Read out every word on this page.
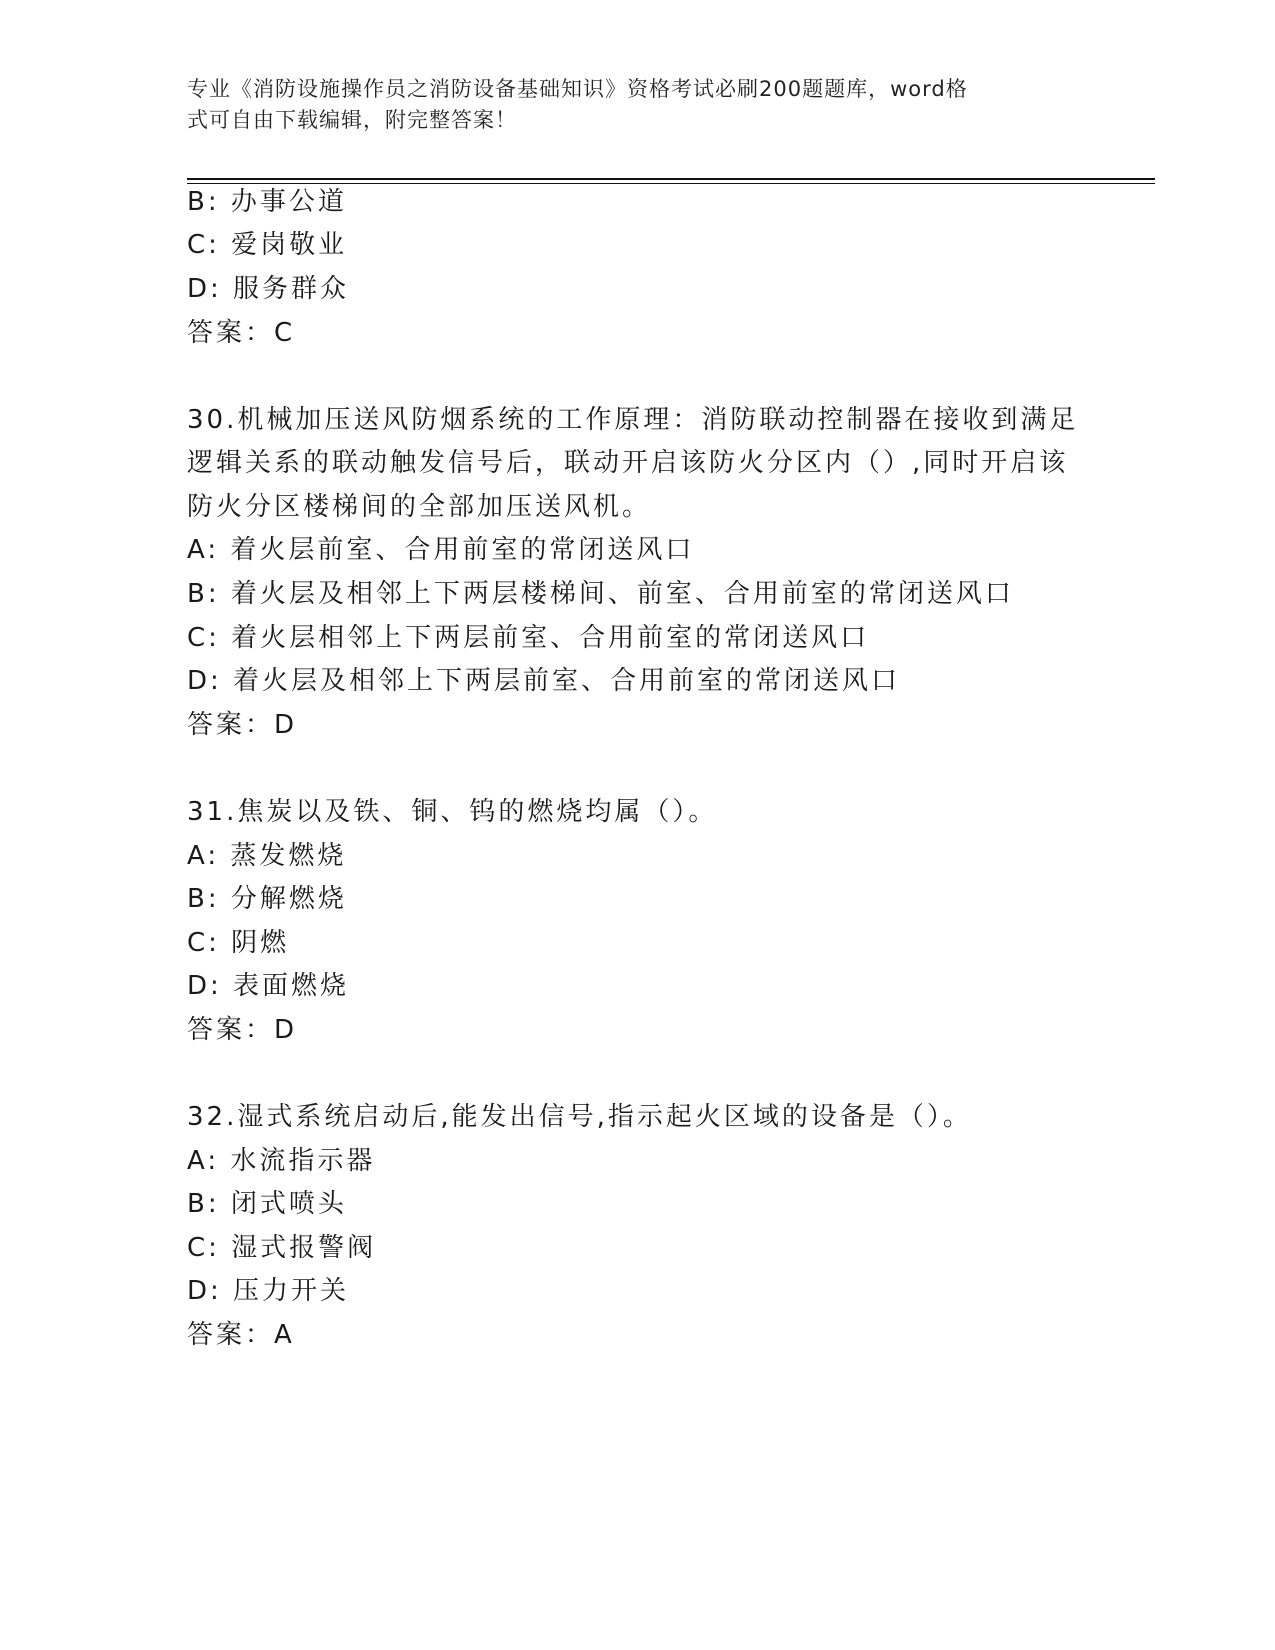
专业《消防设施操作员之消防设备基础知识》资格考试必刷200题题库，word格
式可自由下载编辑，附完整答案！
B: 办事公道
C: 爱岗敬业
D: 服务群众
答案：C
30.机械加压送风防烟系统的工作原理：消防联动控制器在接收到满足
逻辑关系的联动触发信号后，联动开启该防火分区内（）,同时开启该
防火分区楼梯间的全部加压送风机。
A: 着火层前室、合用前室的常闭送风口
B: 着火层及相邻上下两层楼梯间、前室、合用前室的常闭送风口
C: 着火层相邻上下两层前室、合用前室的常闭送风口
D: 着火层及相邻上下两层前室、合用前室的常闭送风口
答案：D
31.焦炭以及铁、铜、钨的燃烧均属（）。
A: 蒸发燃烧
B: 分解燃烧
C: 阴燃
D: 表面燃烧
答案：D
32.湿式系统启动后,能发出信号,指示起火区域的设备是（）。
A: 水流指示器
B: 闭式喷头
C: 湿式报警阀
D: 压力开关
答案：A
